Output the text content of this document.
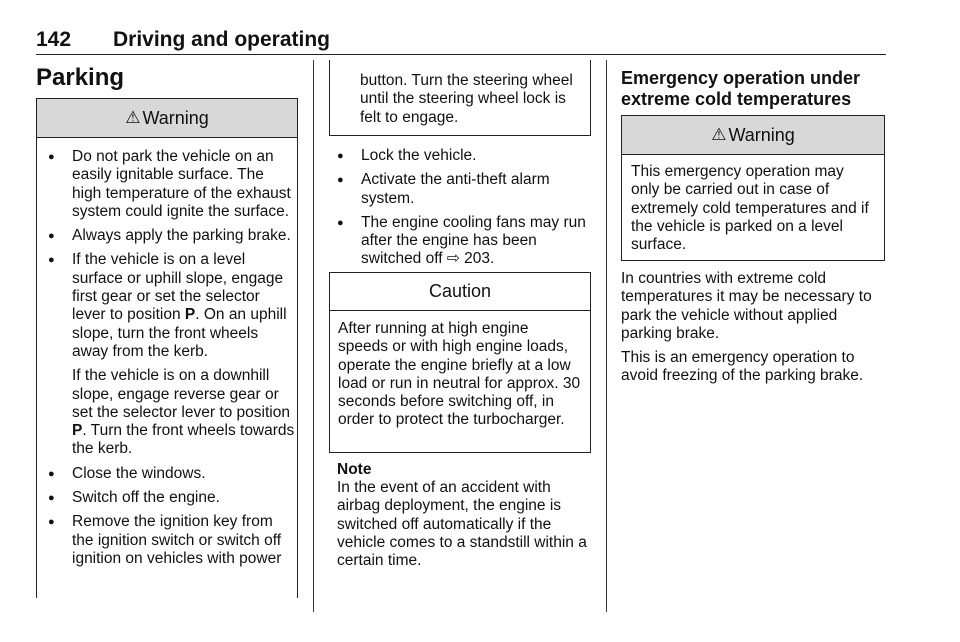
142 Driving and operating
Parking
⚠ Warning
● Do not park the vehicle on an easily ignitable surface. The high temperature of the exhaust system could ignite the surface.
● Always apply the parking brake.
● If the vehicle is on a level surface or uphill slope, engage first gear or set the selector lever to position P. On an uphill slope, turn the front wheels away from the kerb.
If the vehicle is on a downhill slope, engage reverse gear or set the selector lever to position P. Turn the front wheels towards the kerb.
● Close the windows.
● Switch off the engine.
● Remove the ignition key from the ignition switch or switch off ignition on vehicles with power
button. Turn the steering wheel until the steering wheel lock is felt to engage.
● Lock the vehicle.
● Activate the anti-theft alarm system.
● The engine cooling fans may run after the engine has been switched off ⇨ 203.
Caution
After running at high engine speeds or with high engine loads, operate the engine briefly at a low load or run in neutral for approx. 30 seconds before switching off, in order to protect the turbocharger.
Note
In the event of an accident with airbag deployment, the engine is switched off automatically if the vehicle comes to a standstill within a certain time.
Emergency operation under extreme cold temperatures
⚠ Warning
This emergency operation may only be carried out in case of extremely cold temperatures and if the vehicle is parked on a level surface.

In countries with extreme cold temperatures it may be necessary to park the vehicle without applied parking brake.

This is an emergency operation to avoid freezing of the parking brake.
